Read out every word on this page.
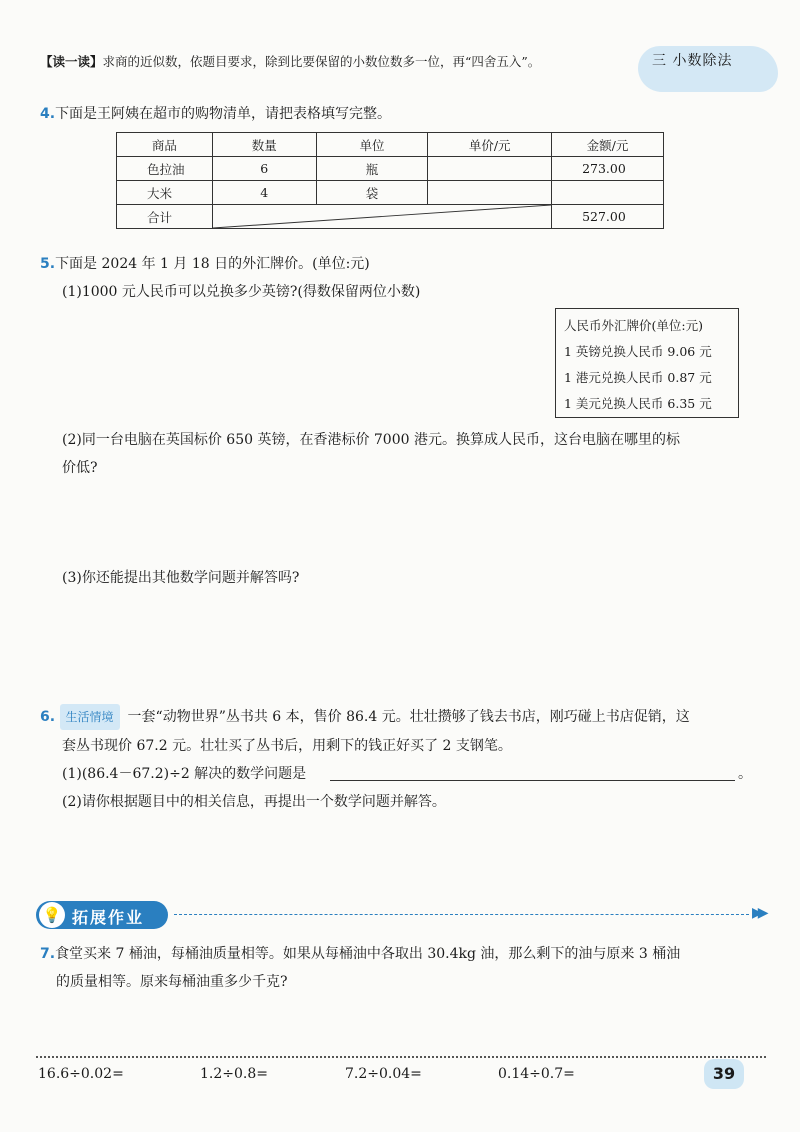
【读一读】求商的近似数，依题目要求，除到比要保留的小数位数多一位，再“四舍五入”。	三 小数除法
4.下面是王阿姨在超市的购物清单，请把表格填写完整。
商品	数量	单位	单价/元	金额/元
色拉油	6	瓶		273.00
大米	4	袋		
合计				527.00
5.下面是 2024 年 1 月 18 日的外汇牌价。(单位:元)
(1)1000 元人民币可以兑换多少英镑?(得数保留两位小数)
人民币外汇牌价(单位:元)
1 英镑兑换人民币 9.06 元
1 港元兑换人民币 0.87 元
1 美元兑换人民币 6.35 元
(2)同一台电脑在英国标价 650 英镑，在香港标价 7000 港元。换算成人民币，这台电脑在哪里的标
价低?
(3)你还能提出其他数学问题并解答吗?
6. 生活情境 一套“动物世界”丛书共 6 本，售价 86.4 元。壮壮攒够了钱去书店，刚巧碰上书店促销，这
套丛书现价 67.2 元。壮壮买了丛书后，用剩下的钱正好买了 2 支钢笔。
(1)(86.4－67.2)÷2 解决的数学问题是	。
(2)请你根据题目中的相关信息，再提出一个数学问题并解答。
💡 拓展作业	▶▶
7.食堂买来 7 桶油，每桶油质量相等。如果从每桶油中各取出 30.4kg 油，那么剩下的油与原来 3 桶油
的质量相等。原来每桶油重多少千克?
16.6÷0.02=	1.2÷0.8=	7.2÷0.04=	0.14÷0.7=	39
